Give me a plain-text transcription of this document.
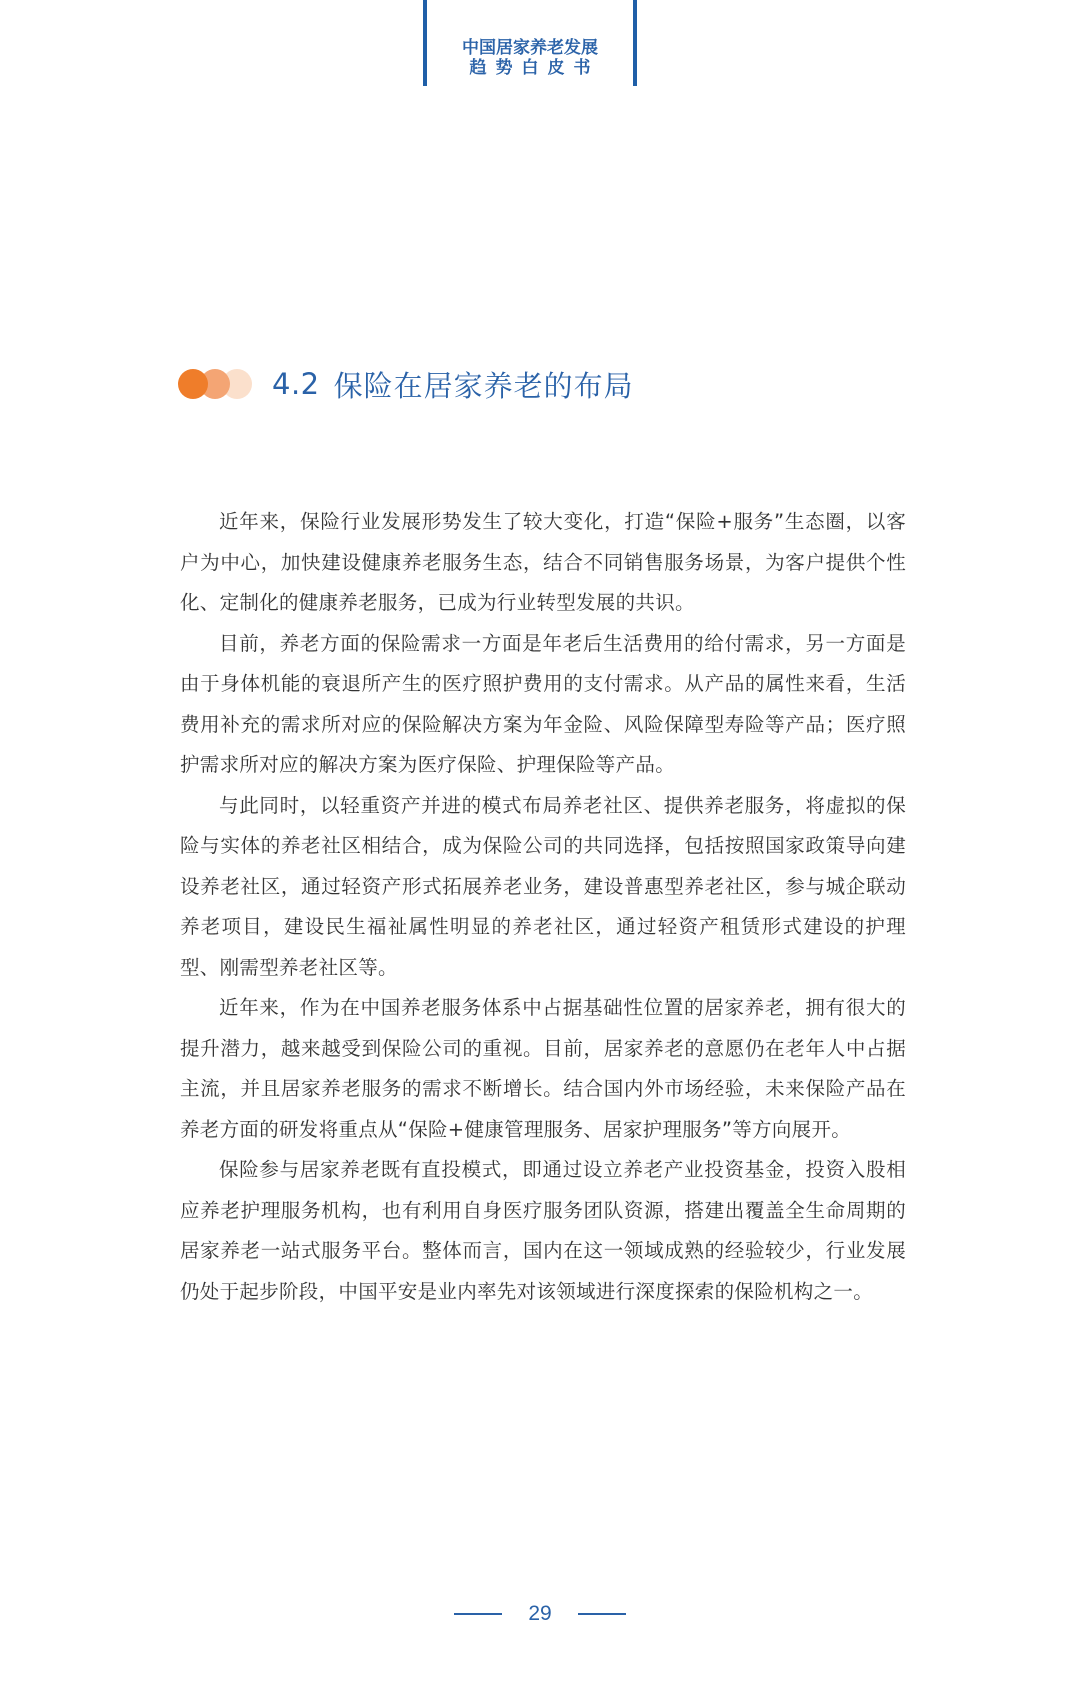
中国居家养老发展
趋势白皮书
4.2 保险在居家养老的布局

近年来，保险行业发展形势发生了较大变化，打造“保险+服务”生态圈，以客户为中心，加快建设健康养老服务生态，结合不同销售服务场景，为客户提供个性化、定制化的健康养老服务，已成为行业转型发展的共识。

目前，养老方面的保险需求一方面是年老后生活费用的给付需求，另一方面是由于身体机能的衰退所产生的医疗照护费用的支付需求。从产品的属性来看，生活费用补充的需求所对应的保险解决方案为年金险、风险保障型寿险等产品；医疗照护需求所对应的解决方案为医疗保险、护理保险等产品。

与此同时，以轻重资产并进的模式布局养老社区、提供养老服务，将虚拟的保险与实体的养老社区相结合，成为保险公司的共同选择，包括按照国家政策导向建设养老社区，通过轻资产形式拓展养老业务，建设普惠型养老社区，参与城企联动养老项目，建设民生福祉属性明显的养老社区，通过轻资产租赁形式建设的护理型、刚需型养老社区等。

近年来，作为在中国养老服务体系中占据基础性位置的居家养老，拥有很大的提升潜力，越来越受到保险公司的重视。目前，居家养老的意愿仍在老年人中占据主流，并且居家养老服务的需求不断增长。结合国内外市场经验，未来保险产品在养老方面的研发将重点从“保险+健康管理服务、居家护理服务”等方向展开。

保险参与居家养老既有直投模式，即通过设立养老产业投资基金，投资入股相应养老护理服务机构，也有利用自身医疗服务团队资源，搭建出覆盖全生命周期的居家养老一站式服务平台。整体而言，国内在这一领域成熟的经验较少，行业发展仍处于起步阶段，中国平安是业内率先对该领域进行深度探索的保险机构之一。

29
